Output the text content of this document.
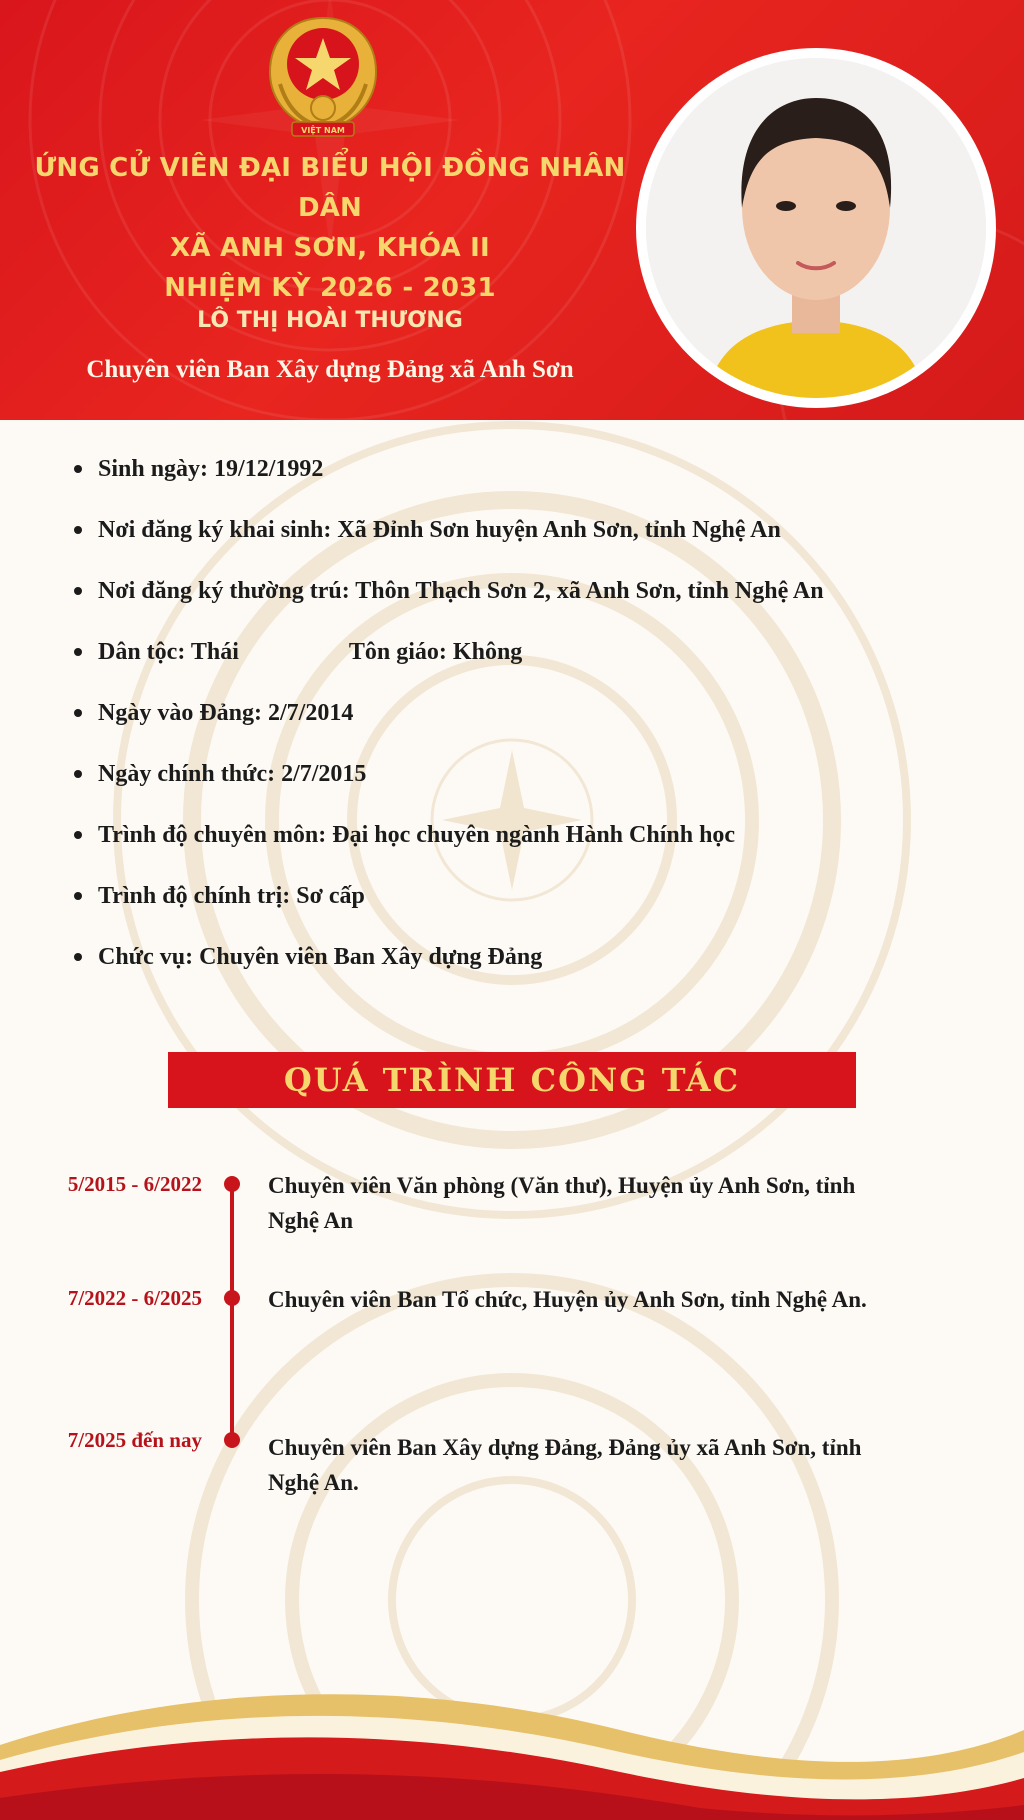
VIỆT NAM
ỨNG CỬ VIÊN ĐẠI BIỂU HỘI ĐỒNG NHÂN DÂN
XÃ ANH SƠN, KHÓA II
NHIỆM KỲ 2026 - 2031
LÔ THỊ HOÀI THƯƠNG
Chuyên viên Ban Xây dựng Đảng xã Anh Sơn
Sinh ngày: 19/12/1992
Nơi đăng ký khai sinh: Xã Đỉnh Sơn huyện Anh Sơn, tỉnh Nghệ An
Nơi đăng ký thường trú: Thôn Thạch Sơn 2, xã Anh Sơn, tỉnh Nghệ An
Dân tộc: Thái	Tôn giáo: Không
Ngày vào Đảng: 2/7/2014
Ngày chính thức: 2/7/2015
Trình độ chuyên môn: Đại học chuyên ngành Hành Chính học
Trình độ chính trị: Sơ cấp
Chức vụ: Chuyên viên Ban Xây dựng Đảng
QUÁ TRÌNH CÔNG TÁC
5/2015 - 6/2022	Chuyên viên Văn phòng (Văn thư), Huyện ủy Anh Sơn, tỉnh
Nghệ An
7/2022 - 6/2025	Chuyên viên Ban Tổ chức, Huyện ủy Anh Sơn, tỉnh Nghệ An.
7/2025 đến nay	Chuyên viên Ban Xây dựng Đảng, Đảng ủy xã Anh Sơn, tỉnh
Nghệ An.
